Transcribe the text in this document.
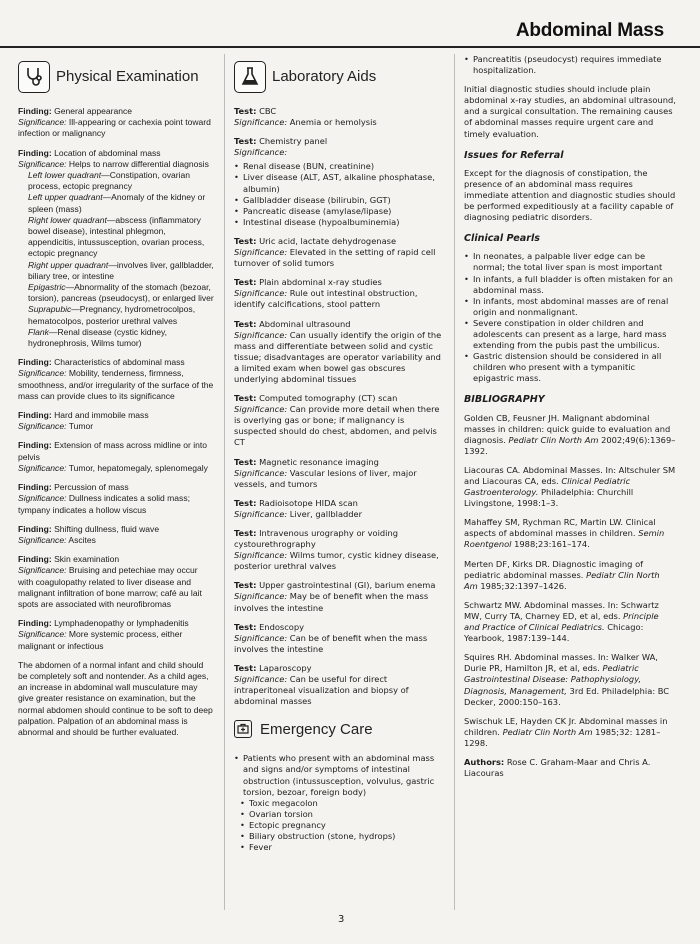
Abdominal Mass
Physical Examination
Finding: General appearance
Significance: Ill-appearing or cachexia point toward infection or malignancy
Finding: Location of abdominal mass
Significance: Helps to narrow differential diagnosis
Left lower quadrant—Constipation, ovarian process, ectopic pregnancy
Left upper quadrant—Anomaly of the kidney or spleen (mass)
Right lower quadrant—abscess (inflammatory bowel disease), intestinal phlegmon, appendicitis, intussusception, ovarian process, ectopic pregnancy
Right upper quadrant—involves liver, gallbladder, biliary tree, or intestine
Epigastric—Abnormality of the stomach (bezoar, torsion), pancreas (pseudocyst), or enlarged liver
Suprapubic—Pregnancy, hydrometrocolpos, hematocolpos, posterior urethral valves
Flank—Renal disease (cystic kidney, hydronephrosis, Wilms tumor)
Finding: Characteristics of abdominal mass
Significance: Mobility, tenderness, firmness, smoothness, and/or irregularity of the surface of the mass can provide clues to its significance
Finding: Hard and immobile mass
Significance: Tumor
Finding: Extension of mass across midline or into pelvis
Significance: Tumor, hepatomegaly, splenomegaly
Finding: Percussion of mass
Significance: Dullness indicates a solid mass; tympany indicates a hollow viscus
Finding: Shifting dullness, fluid wave
Significance: Ascites
Finding: Skin examination
Significance: Bruising and petechiae may occur with coagulopathy related to liver disease and malignant infiltration of bone marrow; café au lait spots are associated with neurofibromas
Finding: Lymphadenopathy or lymphadenitis
Significance: More systemic process, either malignant or infectious
The abdomen of a normal infant and child should be completely soft and nontender. As a child ages, an increase in abdominal wall musculature may give greater resistance on examination, but the normal abdomen should continue to be soft to deep palpation. Palpation of an abdominal mass is abnormal and should be further evaluated.
Laboratory Aids
Test: CBC
Significance: Anemia or hemolysis
Test: Chemistry panel
Significance:
• Renal disease (BUN, creatinine)
• Liver disease (ALT, AST, alkaline phosphatase, albumin)
• Gallbladder disease (bilirubin, GGT)
• Pancreatic disease (amylase/lipase)
• Intestinal disease (hypoalbuminemia)
Test: Uric acid, lactate dehydrogenase
Significance: Elevated in the setting of rapid cell turnover of solid tumors
Test: Plain abdominal x-ray studies
Significance: Rule out intestinal obstruction, identify calcifications, stool pattern
Test: Abdominal ultrasound
Significance: Can usually identify the origin of the mass and differentiate between solid and cystic tissue; disadvantages are operator variability and a limited exam when bowel gas obscures underlying abdominal tissues
Test: Computed tomography (CT) scan
Significance: Can provide more detail when there is overlying gas or bone; if malignancy is suspected should do chest, abdomen, and pelvis CT
Test: Magnetic resonance imaging
Significance: Vascular lesions of liver, major vessels, and tumors
Test: Radioisotope HIDA scan
Significance: Liver, gallbladder
Test: Intravenous urography or voiding cystourethrography
Significance: Wilms tumor, cystic kidney disease, posterior urethral valves
Test: Upper gastrointestinal (GI), barium enema
Significance: May be of benefit when the mass involves the intestine
Test: Endoscopy
Significance: Can be of benefit when the mass involves the intestine
Test: Laparoscopy
Significance: Can be useful for direct intraperitoneal visualization and biopsy of abdominal masses
Emergency Care
• Patients who present with an abdominal mass and signs and/or symptoms of intestinal obstruction (intussusception, volvulus, gastric torsion, bezoar, foreign body)
• Toxic megacolon
• Ovarian torsion
• Ectopic pregnancy
• Biliary obstruction (stone, hydrops)
• Fever
• Pancreatitis (pseudocyst) requires immediate hospitalization.
Initial diagnostic studies should include plain abdominal x-ray studies, an abdominal ultrasound, and a surgical consultation. The remaining causes of abdominal masses require urgent care and timely evaluation.
Issues for Referral
Except for the diagnosis of constipation, the presence of an abdominal mass requires immediate attention and diagnostic studies should be performed expeditiously at a facility capable of diagnosing pediatric disorders.
Clinical Pearls
• In neonates, a palpable liver edge can be normal; the total liver span is most important
• In infants, a full bladder is often mistaken for an abdominal mass.
• In infants, most abdominal masses are of renal origin and nonmalignant.
• Severe constipation in older children and adolescents can present as a large, hard mass extending from the pubis past the umbilicus.
• Gastric distension should be considered in all children who present with a tympanitic epigastric mass.
BIBLIOGRAPHY
Golden CB, Feusner JH. Malignant abdominal masses in children: quick guide to evaluation and diagnosis. Pediatr Clin North Am 2002;49(6):1369–1392.
Liacouras CA. Abdominal Masses. In: Altschuler SM and Liacouras CA, eds. Clinical Pediatric Gastroenterology. Philadelphia: Churchill Livingstone, 1998:1–3.
Mahaffey SM, Rychman RC, Martin LW. Clinical aspects of abdominal masses in children. Semin Roentgenol 1988;23:161–174.
Merten DF, Kirks DR. Diagnostic imaging of pediatric abdominal masses. Pediatr Clin North Am 1985;32:1397–1426.
Schwartz MW. Abdominal masses. In: Schwartz MW, Curry TA, Charney ED, et al, eds. Principle and Practice of Clinical Pediatrics. Chicago: Yearbook, 1987:139–144.
Squires RH. Abdominal masses. In: Walker WA, Durie PR, Hamilton JR, et al, eds. Pediatric Gastrointestinal Disease: Pathophysiology, Diagnosis, Management, 3rd Ed. Philadelphia: BC Decker, 2000:150–163.
Swischuk LE, Hayden CK Jr. Abdominal masses in children. Pediatr Clin North Am 1985;32: 1281–1298.
Authors: Rose C. Graham-Maar and Chris A. Liacouras
3
